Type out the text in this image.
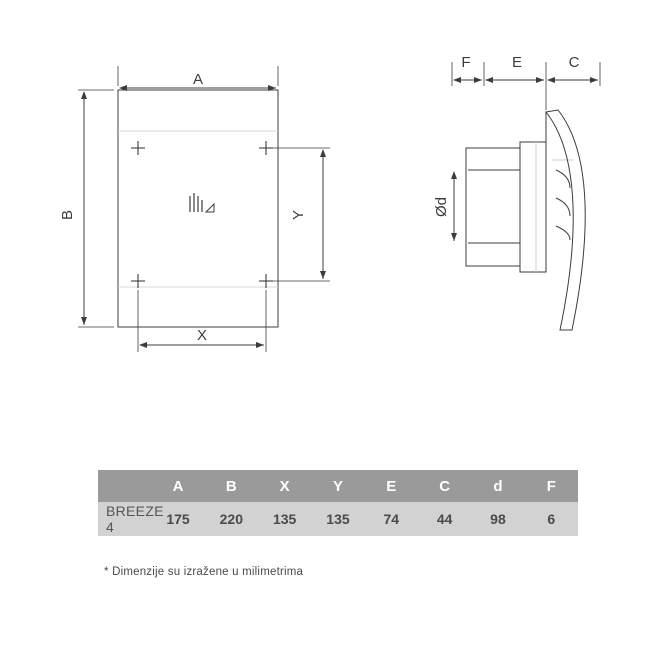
A
B
X
Y	Ød
F	E	C
	A	B	X	Y	E	C	d	F
BREEZE 4	175	220	135	135	74	44	98	6
* Dimenzije su izražene u milimetrima
